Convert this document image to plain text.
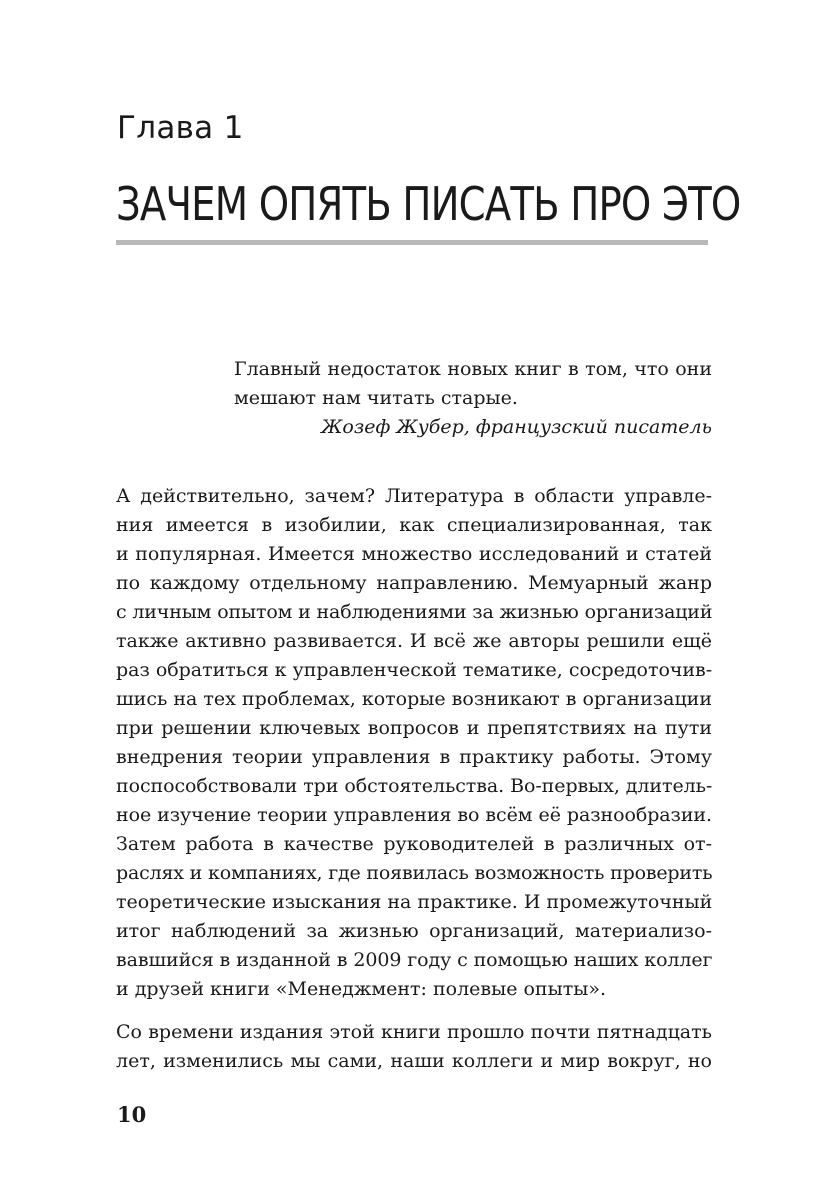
Глава 1
ЗАЧЕМ ОПЯТЬ ПИСАТЬ ПРО ЭТО
Главный недостаток новых книг в том, что они
мешают нам читать старые.
Жозеф Жубер, французский писатель
А действительно, зачем? Литература в области управле-
ния имеется в изобилии, как специализированная, так
и популярная. Имеется множество исследований и статей
по каждому отдельному направлению. Мемуарный жанр
с личным опытом и наблюдениями за жизнью организаций
также активно развивается. И всё же авторы решили ещё
раз обратиться к управленческой тематике, сосредоточив-
шись на тех проблемах, которые возникают в организации
при решении ключевых вопросов и препятствиях на пути
внедрения теории управления в практику работы. Этому
поспособствовали три обстоятельства. Во-первых, длитель-
ное изучение теории управления во всём её разнообразии.
Затем работа в качестве руководителей в различных от-
раслях и компаниях, где появилась возможность проверить
теоретические изыскания на практике. И промежуточный
итог наблюдений за жизнью организаций, материализо-
вавшийся в изданной в 2009 году с помощью наших коллег
и друзей книги «Менеджмент: полевые опыты».
Со времени издания этой книги прошло почти пятнадцать
лет, изменились мы сами, наши коллеги и мир вокруг, но
10
